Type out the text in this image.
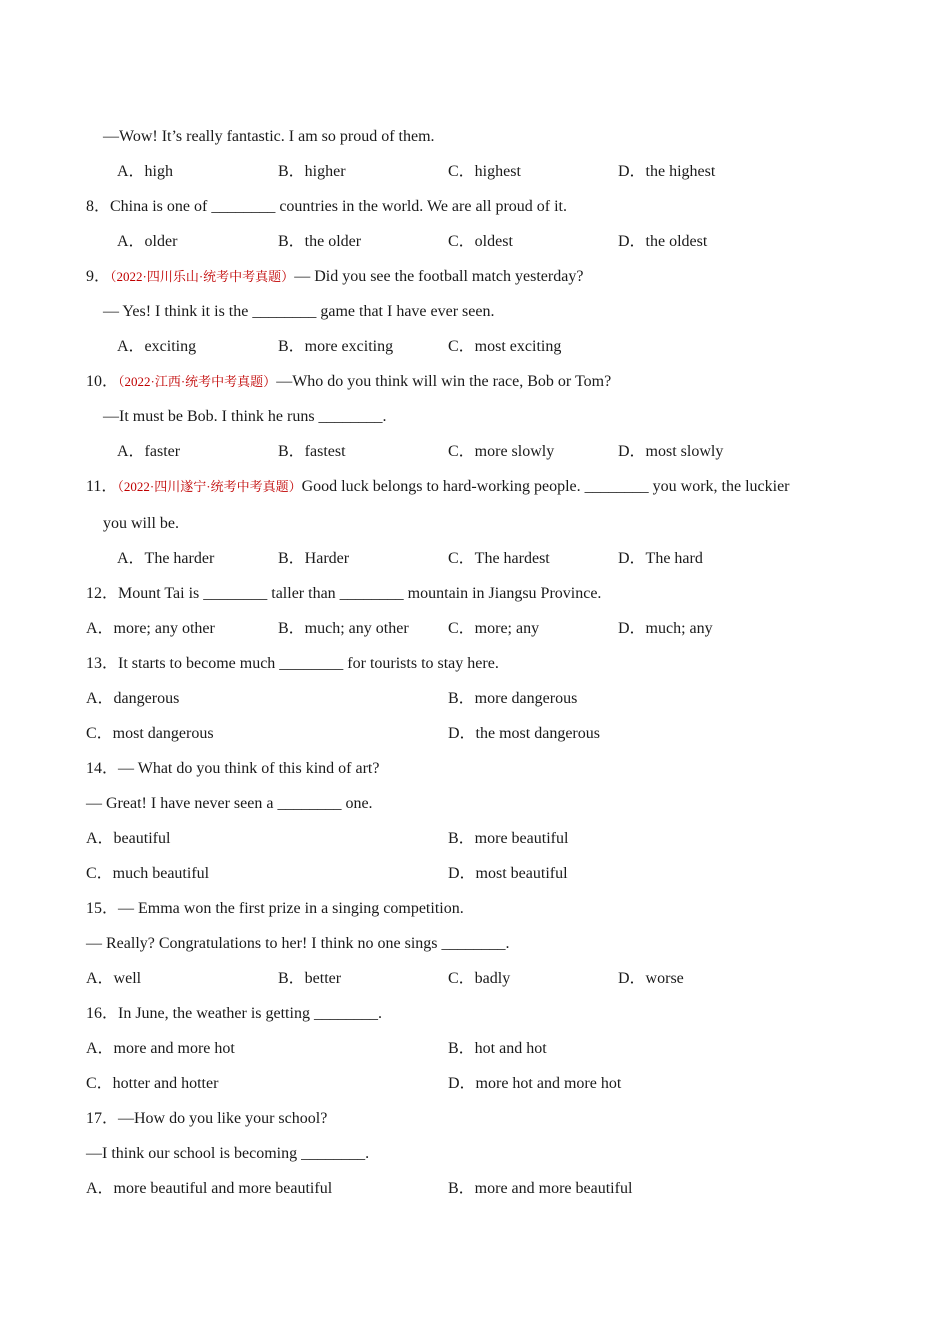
—Wow! It’s really fantastic. I am so proud of them.
A．high	B．higher	C．highest	D．the highest
8．China is one of ________ countries in the world. We are all proud of it.
A．older	B．the older	C．oldest	D．the oldest
9．（2022·四川乐山·统考中考真题）— Did you see the football match yesterday?
— Yes! I think it is the ________ game that I have ever seen.
A．exciting	B．more exciting	C．most exciting
10．（2022·江西·统考中考真题）—Who do you think will win the race, Bob or Tom?
—It must be Bob. I think he runs ________.
A．faster	B．fastest	C．more slowly	D．most slowly
11．（2022·四川遂宁·统考中考真题）Good luck belongs to hard-working people. ________ you work, the luckier
you will be.
A．The harder	B．Harder	C．The hardest	D．The hard
12．Mount Tai is ________ taller than ________ mountain in Jiangsu Province.
A．more; any other	B．much; any other C．more; any	D．much; any
13．It starts to become much ________ for tourists to stay here.
A．dangerous	B．more dangerous
C．most dangerous	D．the most dangerous
14．— What do you think of this kind of art?
— Great! I have never seen a ________ one.
A．beautiful	B．more beautiful
C．much beautiful	D．most beautiful
15．— Emma won the first prize in a singing competition.
— Really? Congratulations to her! I think no one sings ________.
A．well	B．better	C．badly	D．worse
16．In June, the weather is getting ________.
A．more and more hot	B．hot and hot
C．hotter and hotter	D．more hot and more hot
17．—How do you like your school?
—I think our school is becoming ________.
A．more beautiful and more beautiful	B．more and more beautiful
